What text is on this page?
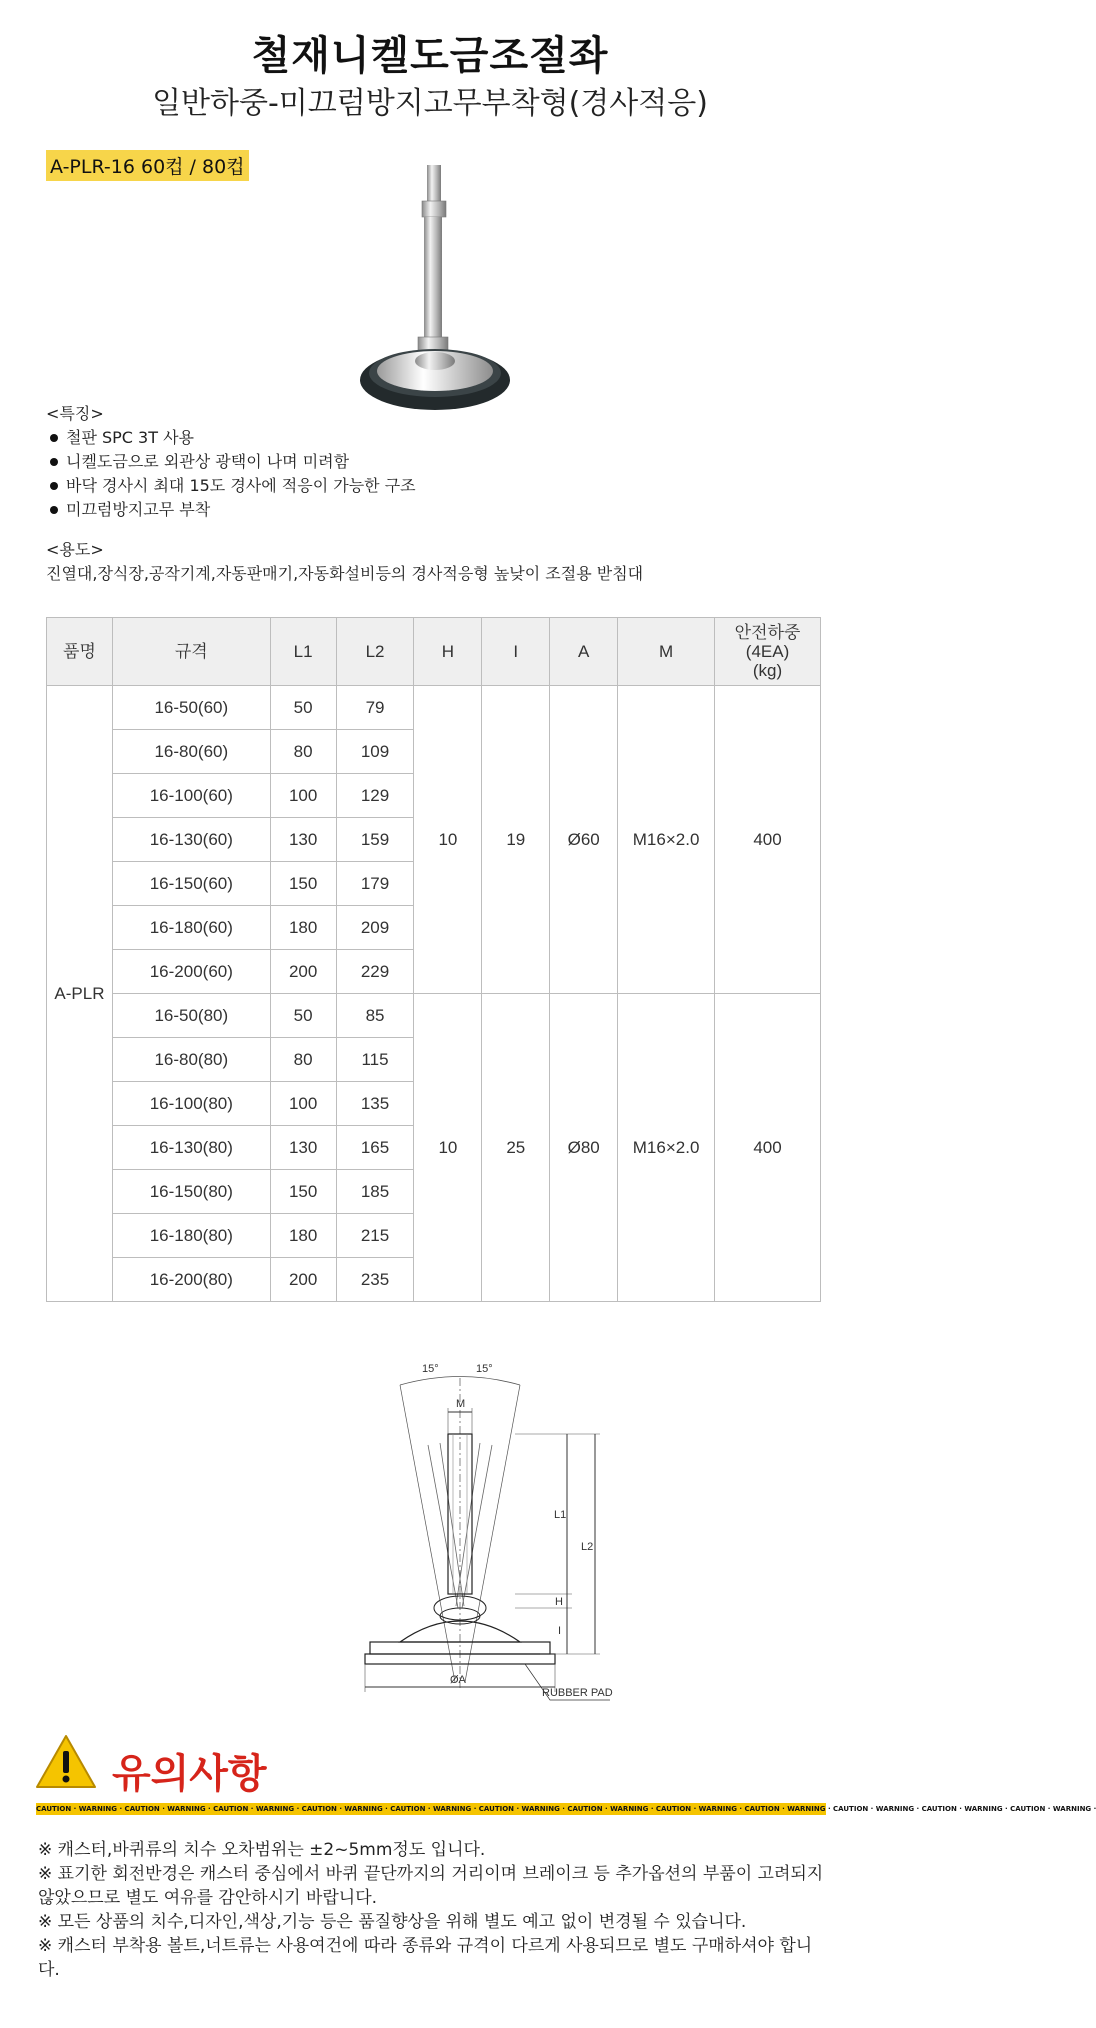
철재니켈도금조절좌
일반하중-미끄럼방지고무부착형(경사적응)
A-PLR-16 60컵 / 80컵
<특징>
철판 SPC 3T 사용
니켈도금으로 외관상 광택이 나며 미려함
바닥 경사시 최대 15도 경사에 적응이 가능한 구조
미끄럼방지고무 부착
<용도>
진열대,장식장,공작기계,자동판매기,자동화설비등의 경사적응형 높낮이 조절용 받침대
품명	규격	L1	L2	H	I	A	M	안전하중
(4EA)
(kg)
A-PLR	16-50(60)	50	79	10	19	Ø60	M16×2.0	400
	16-80(60)	80	109					
	16-100(60)	100	129					
	16-130(60)	130	159					
	16-150(60)	150	179					
	16-180(60)	180	209					
	16-200(60)	200	229					
	16-50(80)	50	85	10	25	Ø80	M16×2.0	400
	16-80(80)	80	115					
	16-100(80)	100	135					
	16-130(80)	130	165					
	16-150(80)	150	185					
	16-180(80)	180	215					
	16-200(80)	200	235					
15°	15°
M
L1
L2
H
I
ØA
RUBBER PAD
유의사항
CAUTION · WARNING · CAUTION · WARNING · CAUTION · WARNING · CAUTION · WARNING · CAUTION · WARNING · CAUTION · WARNING · CAUTION · WARNING · CAUTION · WARNING · CAUTION · WARNING · CAUTION · WARNING · CAUTION · WARNING · CAUTION · WARNING ·

※ 캐스터,바퀴류의 치수 오차범위는 ±2~5mm정도 입니다.

※ 표기한 회전반경은 캐스터 중심에서 바퀴 끝단까지의 거리이며 브레이크 등 추가옵션의 부품이 고려되지 않았으므로 별도 여유를 감안하시기 바랍니다.

※ 모든 상품의 치수,디자인,색상,기능 등은 품질향상을 위해 별도 예고 없이 변경될 수 있습니다.

※ 캐스터 부착용 볼트,너트류는 사용여건에 따라 종류와 규격이 다르게 사용되므로 별도 구매하셔야 합니다.
